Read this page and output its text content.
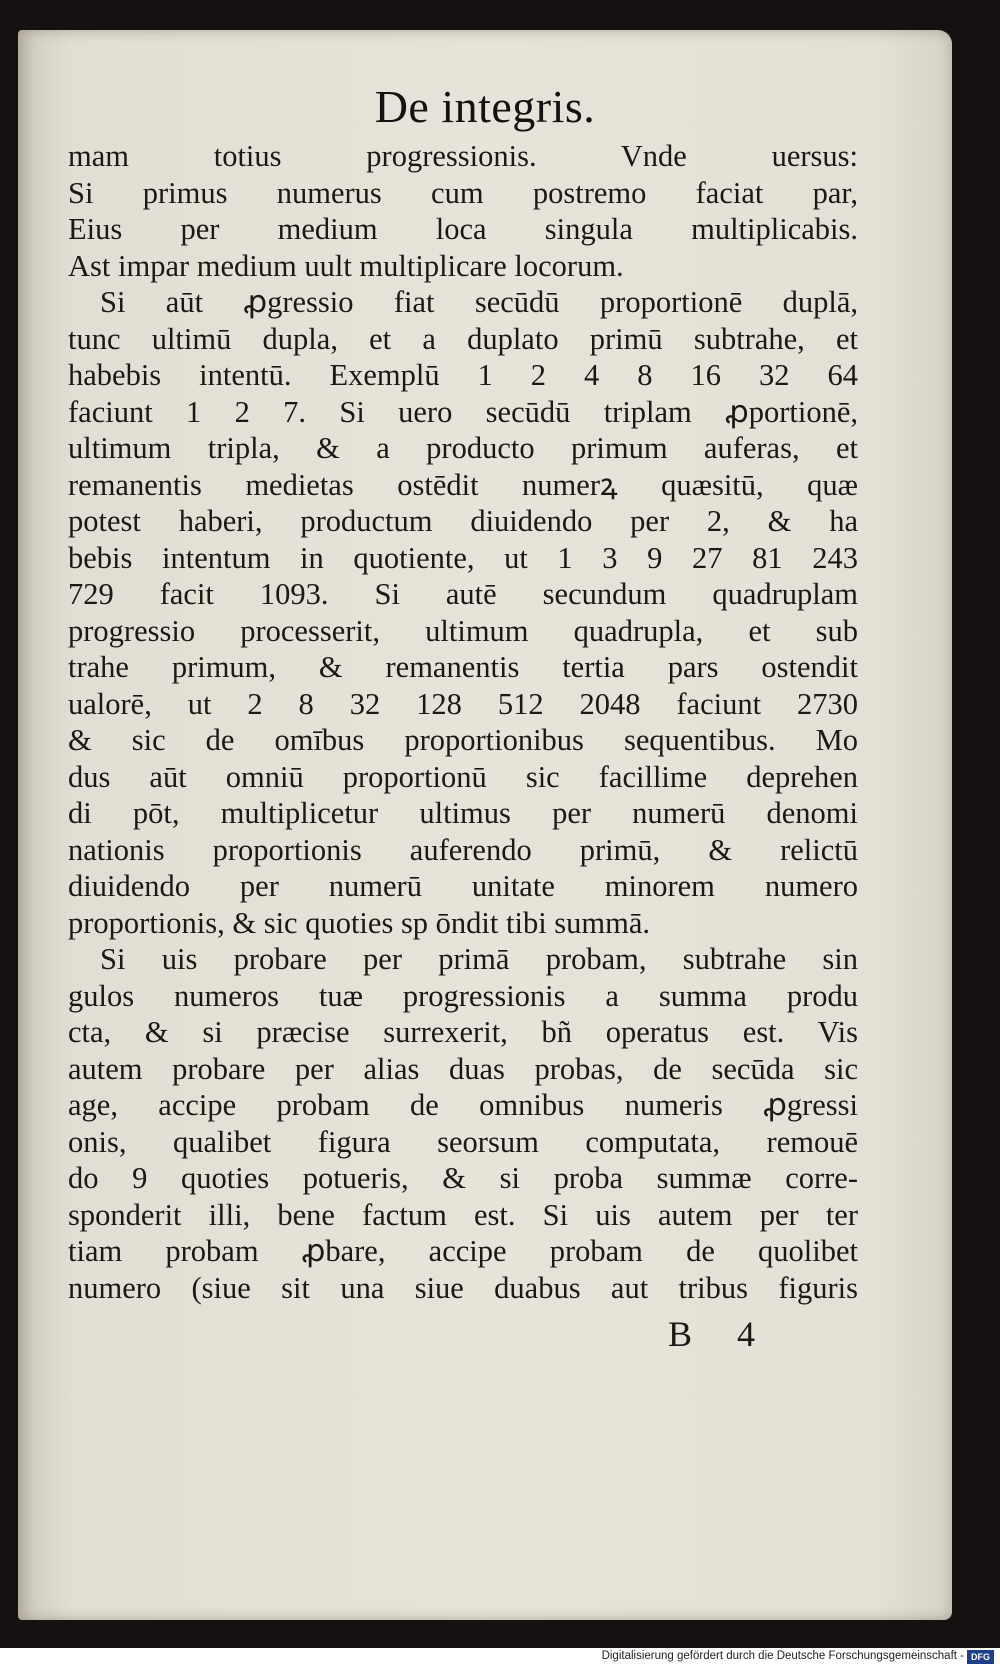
De integris.
mam totius progressionis. Vnde uersus:
Si primus numerus cum postremo faciat par,
Eius per medium loca singula multiplicabis.
Ast impar medium uult multiplicare locorum.
Si aūt ꝓgressio fiat secūdū proportionē duplā,
tunc ultimū dupla, et a duplato primū subtrahe, et
habebis intentū. Exemplū 1 2 4 8 16 32 64
faciunt 1 2 7. Si uero secūdū triplam ꝓportionē,
ultimum tripla, & a producto primum auferas, et
remanentis medietas ostēdit numerꝝ quæsitū, quæ
potest haberi, productum diuidendo per 2, & ha
bebis intentum in quotiente, ut 1 3 9 27 81 243
729 facit 1093. Si autē secundum quadruplam
progressio processerit, ultimum quadrupla, et sub
trahe primum, & remanentis tertia pars ostendit
ualorē, ut 2 8 32 128 512 2048 faciunt 2730
& sic de omībus proportionibus sequentibus. Mo
dus aūt omniū proportionū sic facillime deprehen
di pōt, multiplicetur ultimus per numerū denomi
nationis proportionis auferendo primū, & relictū
diuidendo per numerū unitate minorem numero
proportionis, & sic quoties sp ōndit tibi summā.
Si uis probare per primā probam, subtrahe sin
gulos numeros tuæ progressionis a summa produ
cta, & si præcise surrexerit, bñ operatus est. Vis
autem probare per alias duas probas, de secūda sic
age, accipe probam de omnibus numeris ꝓgressi
onis, qualibet figura seorsum computata, remouē
do 9 quoties potueris, & si proba summæ corre-
sponderit illi, bene factum est. Si uis autem per ter
tiam probam ꝓbare, accipe probam de quolibet
numero (siue sit una siue duabus aut tribus figuris
B 4
Digitalisierung gefördert durch die Deutsche Forschungsgemeinschaft - DFG
